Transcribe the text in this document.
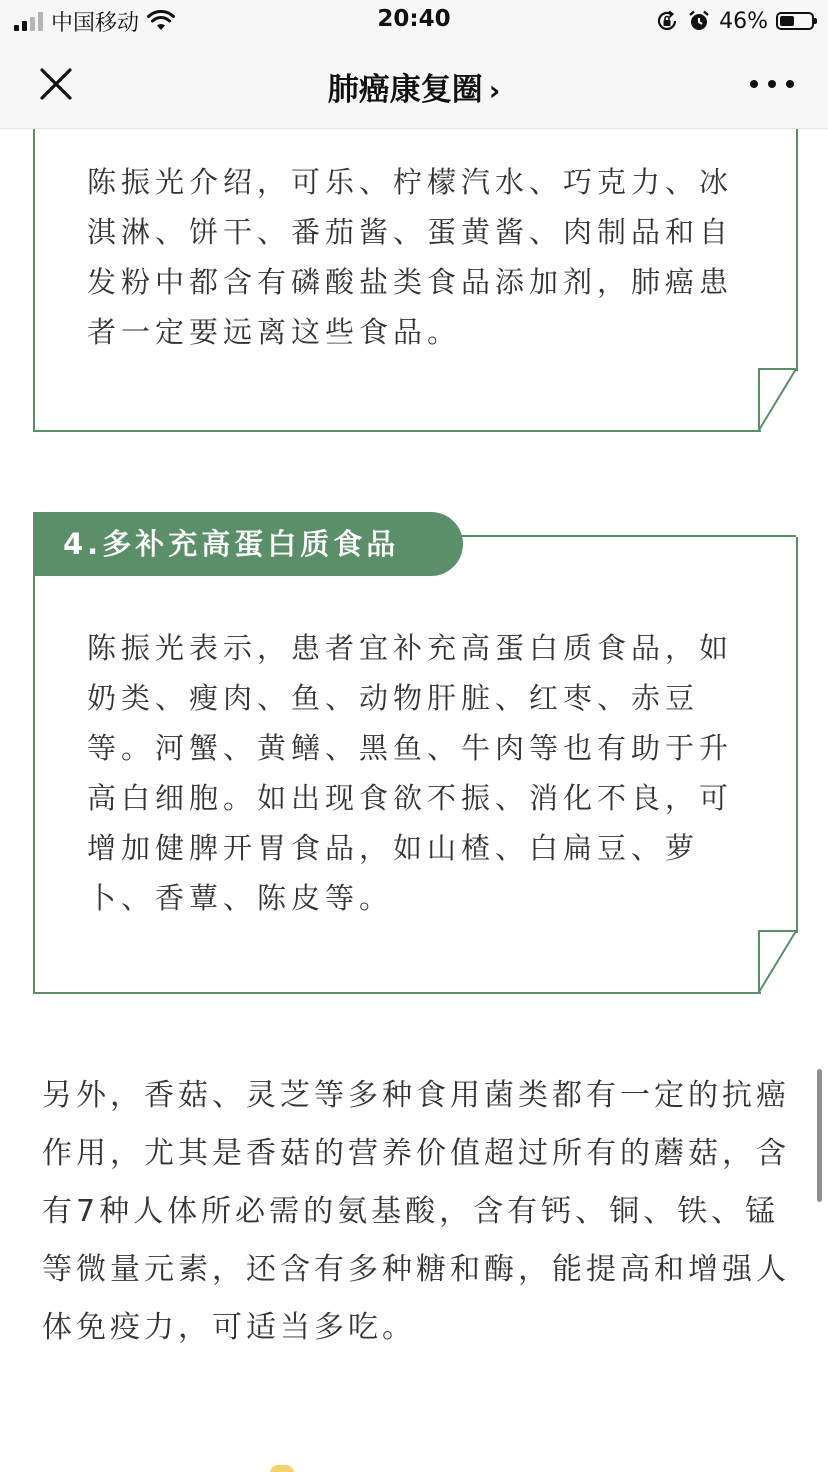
中国移动	20:40	46%
肺癌康复圈 ›

陈振光介绍，可乐、柠檬汽水、巧克力、冰淇淋、饼干、番茄酱、蛋黄酱、肉制品和自发粉中都含有磷酸盐类食品添加剂，肺癌患者一定要远离这些食品。

陈振光表示，患者宜补充高蛋白质食品，如奶类、瘦肉、鱼、动物肝脏、红枣、赤豆等。河蟹、黄鳝、黑鱼、牛肉等也有助于升高白细胞。如出现食欲不振、消化不良，可增加健脾开胃食品，如山楂、白扁豆、萝卜、香蕈、陈皮等。

4.多补充高蛋白质食品

另外，香菇、灵芝等多种食用菌类都有一定的抗癌作用，尤其是香菇的营养价值超过所有的蘑菇，含有7种人体所必需的氨基酸，含有钙、铜、铁、锰等微量元素，还含有多种糖和酶，能提高和增强人体免疫力，可适当多吃。
